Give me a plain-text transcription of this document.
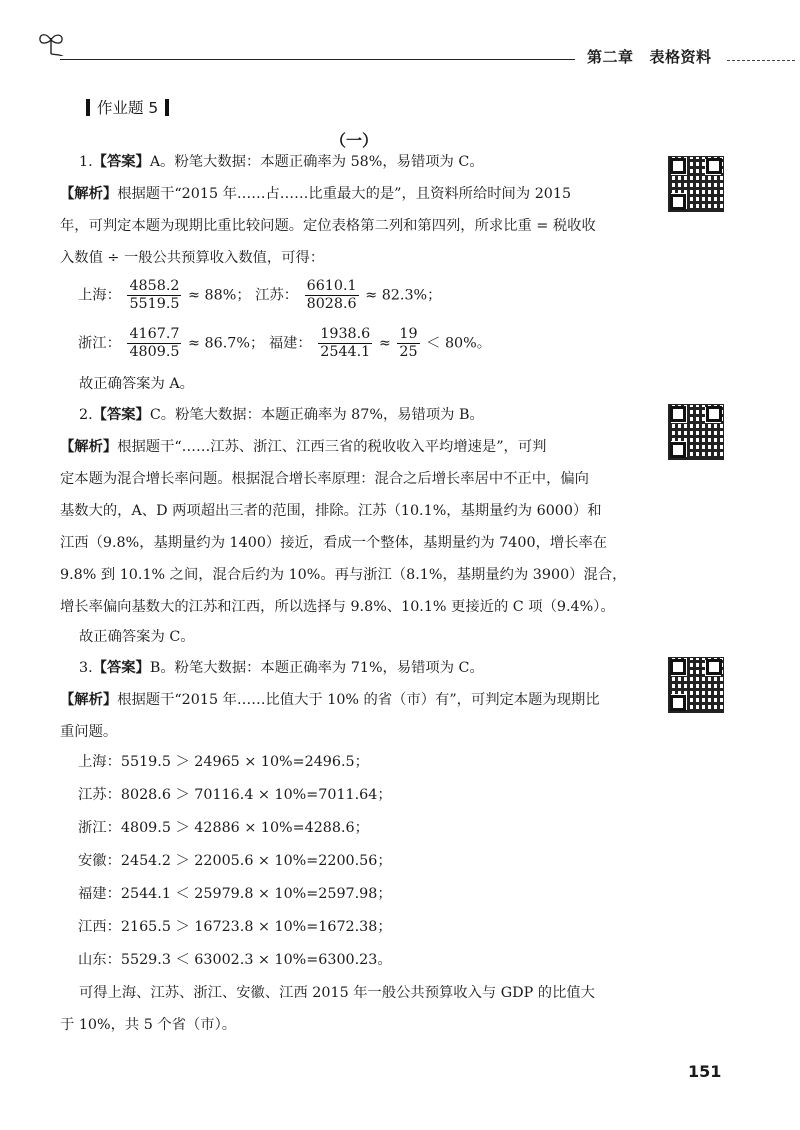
第二章 表格资料
作业题 5
（一）
1.【答案】A。粉笔大数据：本题正确率为 58%，易错项为 C。
【解析】根据题干“2015 年……占……比重最大的是”，且资料所给时间为 2015
年，可判定本题为现期比重比较问题。定位表格第二列和第四列，所求比重 = 税收收
入数值 ÷ 一般公共预算收入数值，可得：
上海： $\frac{4858.2}{5519.5} \approx 88\%$； 江苏： $\frac{6610.1}{8028.6} \approx 82.3\%$；
浙江： $\frac{4167.7}{4809.5} \approx 86.7\%$； 福建： $\frac{1938.6}{2544.1} \approx \frac{19}{25} < 80\%$。
故正确答案为 A。
2.【答案】C。粉笔大数据：本题正确率为 87%，易错项为 B。
【解析】根据题干“……江苏、浙江、江西三省的税收收入平均增速是”，可判
定本题为混合增长率问题。根据混合增长率原理：混合之后增长率居中不正中，偏向
基数大的，A、D 两项超出三者的范围，排除。江苏（10.1%，基期量约为 6000）和
江西（9.8%，基期量约为 1400）接近，看成一个整体，基期量约为 7400，增长率在
9.8% 到 10.1% 之间，混合后约为 10%。再与浙江（8.1%，基期量约为 3900）混合，
增长率偏向基数大的江苏和江西，所以选择与 9.8%、10.1% 更接近的 C 项（9.4%）。
故正确答案为 C。
3.【答案】B。粉笔大数据：本题正确率为 71%，易错项为 C。
【解析】根据题干“2015 年……比值大于 10% 的省（市）有”，可判定本题为现期比
重问题。
上海：5519.5 ＞ 24965 × 10%=2496.5；
江苏：8028.6 ＞ 70116.4 × 10%=7011.64；
浙江：4809.5 ＞ 42886 × 10%=4288.6；
安徽：2454.2 ＞ 22005.6 × 10%=2200.56；
福建：2544.1 ＜ 25979.8 × 10%=2597.98；
江西：2165.5 ＞ 16723.8 × 10%=1672.38；
山东：5529.3 ＜ 63002.3 × 10%=6300.23。
可得上海、江苏、浙江、安徽、江西 2015 年一般公共预算收入与 GDP 的比值大
于 10%，共 5 个省（市）。
151
